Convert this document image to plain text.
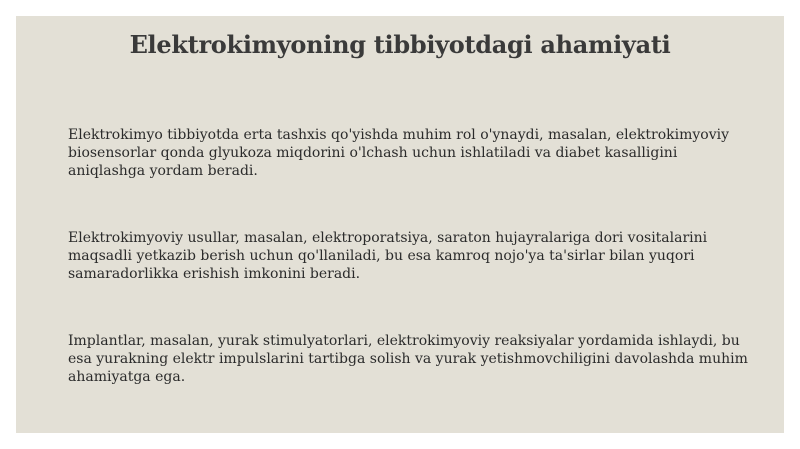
Elektrokimyoning tibbiyotdagi ahamiyati
Elektrokimyo tibbiyotda erta tashxis qo'yishda muhim rol o'ynaydi, masalan, elektrokimyoviy biosensorlar qonda glyukoza miqdorini o'lchash uchun ishlatiladi va diabet kasalligini aniqlashga yordam beradi.
Elektrokimyoviy usullar, masalan, elektroporatsiya, saraton hujayralariga dori vositalarini maqsadli yetkazib berish uchun qo'llaniladi, bu esa kamroq nojo'ya ta'sirlar bilan yuqori samaradorlikka erishish imkonini beradi.
Implantlar, masalan, yurak stimulyatorlari, elektrokimyoviy reaksiyalar yordamida ishlaydi, bu esa yurakning elektr impulslarini tartibga solish va yurak yetishmovchiligini davolashda muhim ahamiyatga ega.
